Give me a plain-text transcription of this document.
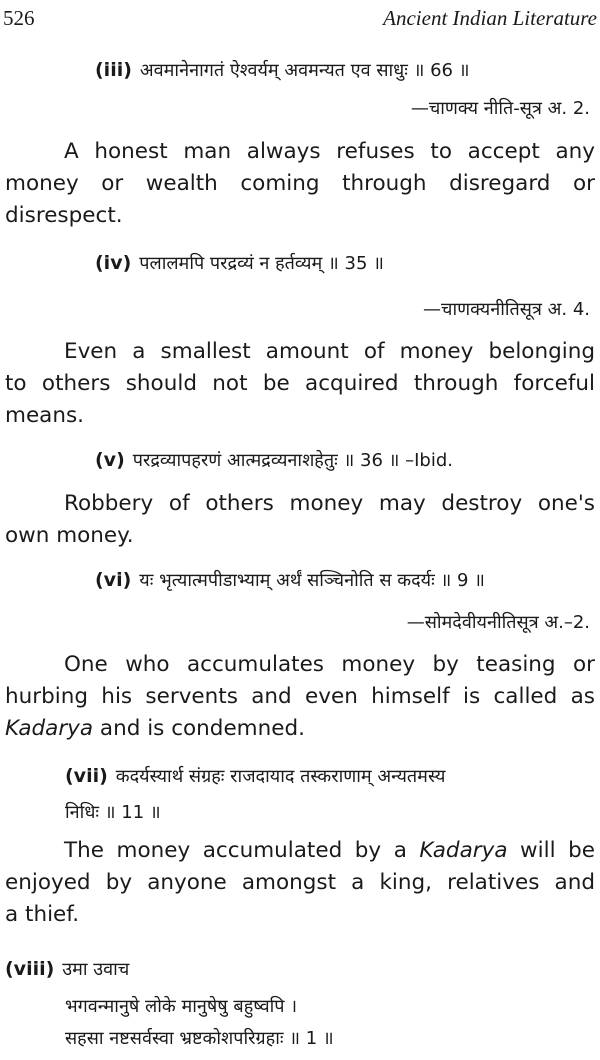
526	Ancient Indian Literature
(iii) अवमानेनागतं ऐश्वर्यम् अवमन्यत एव साधुः ॥ 66 ॥
—चाणक्य नीति-सूत्र अ. 2.
A honest man always refuses to accept any
money or wealth coming through disregard or
disrespect.
(iv) पलालमपि परद्रव्यं न हर्तव्यम् ॥ 35 ॥
—चाणक्यनीतिसूत्र अ. 4.
Even a smallest amount of money belonging
to others should not be acquired through forceful
means.
(v) परद्रव्यापहरणं आत्मद्रव्यनाशहेतुः ॥ 36 ॥ –Ibid.
Robbery of others money may destroy one's
own money.
(vi) यः भृत्यात्मपीडाभ्याम् अर्थं सञ्चिनोति स कदर्यः ॥ 9 ॥
—सोमदेवीयनीतिसूत्र अ.–2.
One who accumulates money by teasing or
hurbing his servents and even himself is called as
Kadarya and is condemned.
(vii) कदर्यस्यार्थ संग्रहः राजदायाद तस्कराणाम् अन्यतमस्य
निधिः ॥ 11 ॥
The money accumulated by a Kadarya will be
enjoyed by anyone amongst a king, relatives and
a thief.
(viii) उमा उवाच
भगवन्मानुषे लोके मानुषेषु बहुष्वपि ।
सहसा नष्टसर्वस्वा भ्रष्टकोशपरिग्रहाः ॥ 1 ॥
